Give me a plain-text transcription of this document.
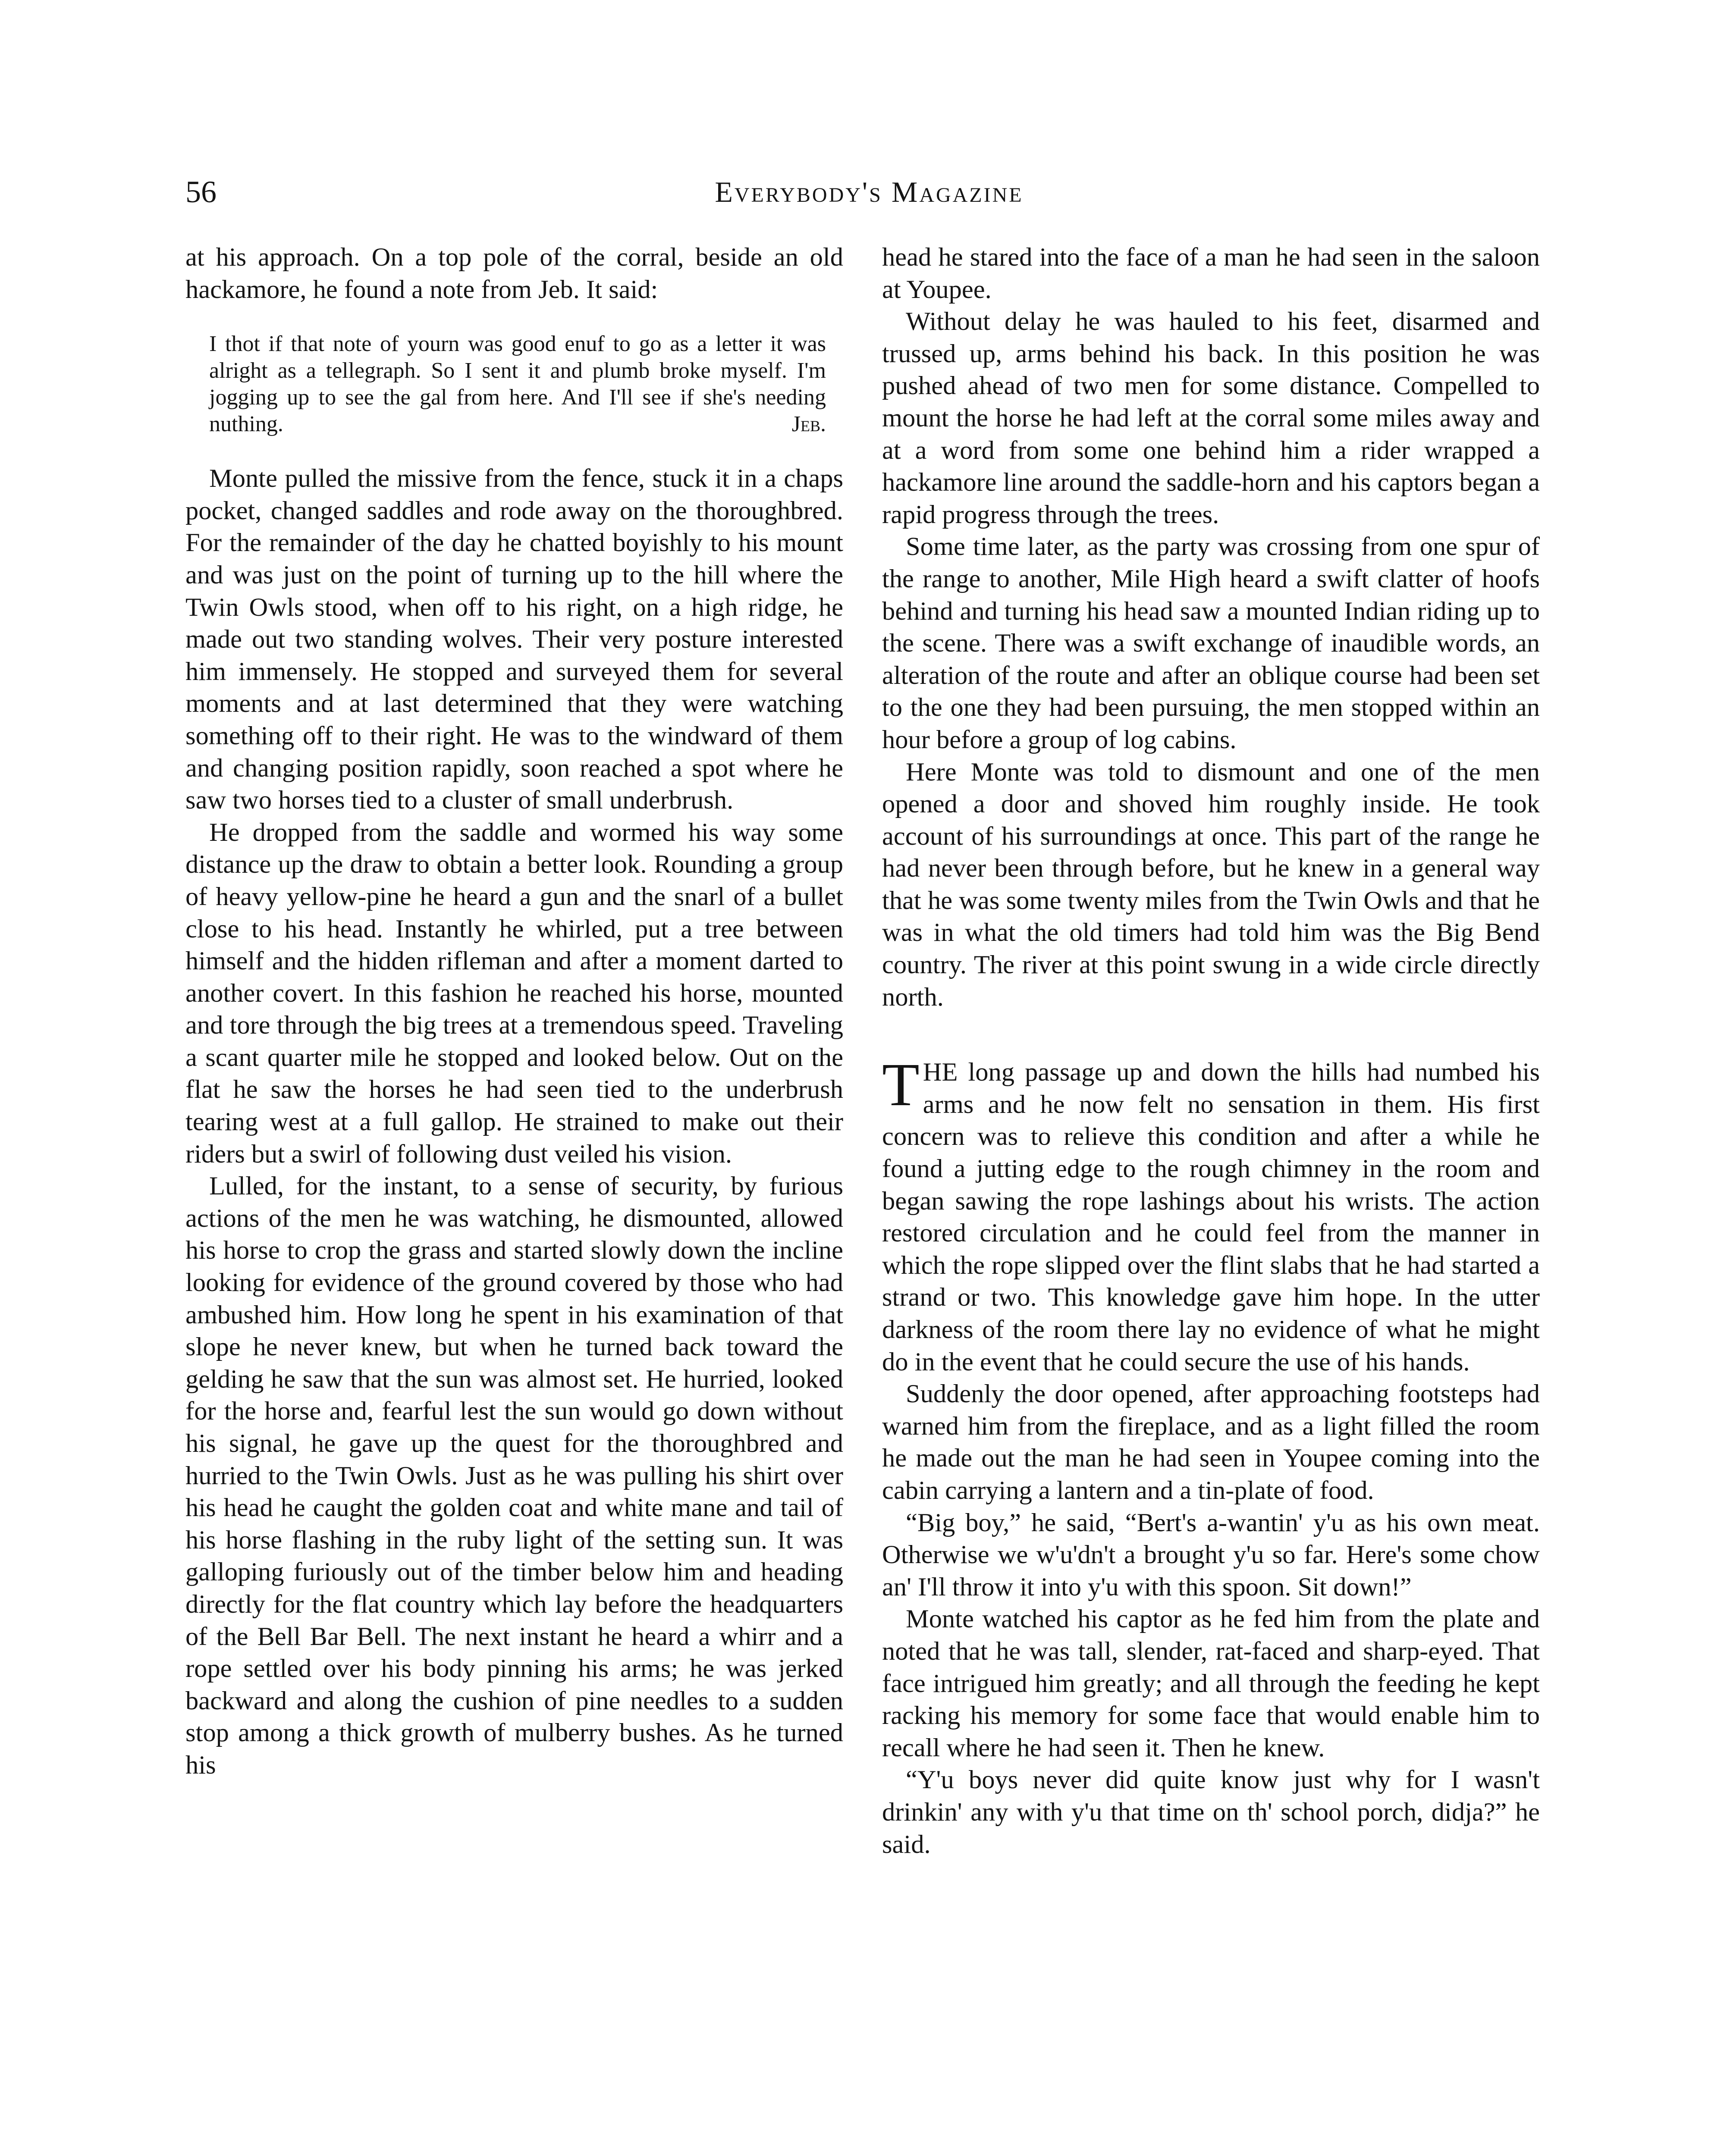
56	Everybody's Magazine

at his approach. On a top pole of the corral, beside an old hackamore, he found a note from Jeb. It said:

I thot if that note of yourn was good enuf to go as a letter it was alright as a tellegraph. So I sent it and plumb broke myself. I'm jogging up to see the gal from here. And I'll see if she's needing nuthing.	Jeb.

Monte pulled the missive from the fence, stuck it in a chaps pocket, changed saddles and rode away on the thoroughbred. For the remainder of the day he chatted boyishly to his mount and was just on the point of turning up to the hill where the Twin Owls stood, when off to his right, on a high ridge, he made out two standing wolves. Their very posture interested him immensely. He stopped and surveyed them for several moments and at last determined that they were watching something off to their right. He was to the windward of them and changing position rapidly, soon reached a spot where he saw two horses tied to a cluster of small underbrush.

He dropped from the saddle and wormed his way some distance up the draw to obtain a better look. Rounding a group of heavy yellow-pine he heard a gun and the snarl of a bullet close to his head. Instantly he whirled, put a tree between himself and the hidden rifleman and after a moment darted to another covert. In this fashion he reached his horse, mounted and tore through the big trees at a tremendous speed. Traveling a scant quarter mile he stopped and looked below. Out on the flat he saw the horses he had seen tied to the underbrush tearing west at a full gallop. He strained to make out their riders but a swirl of following dust veiled his vision.

Lulled, for the instant, to a sense of security, by furious actions of the men he was watching, he dismounted, allowed his horse to crop the grass and started slowly down the incline looking for evidence of the ground covered by those who had ambushed him. How long he spent in his examination of that slope he never knew, but when he turned back toward the gelding he saw that the sun was almost set. He hurried, looked for the horse and, fearful lest the sun would go down without his signal, he gave up the quest for the thoroughbred and hurried to the Twin Owls. Just as he was pulling his shirt over his head he caught the golden coat and white mane and tail of his horse flashing in the ruby light of the setting sun. It was galloping furiously out of the timber below him and heading directly for the flat country which lay before the headquarters of the Bell Bar Bell. The next instant he heard a whirr and a rope settled over his body pinning his arms; he was jerked backward and along the cushion of pine needles to a sudden stop among a thick growth of mulberry bushes. As he turned his

head he stared into the face of a man he had seen in the saloon at Youpee.

Without delay he was hauled to his feet, disarmed and trussed up, arms behind his back. In this position he was pushed ahead of two men for some distance. Compelled to mount the horse he had left at the corral some miles away and at a word from some one behind him a rider wrapped a hackamore line around the saddle-horn and his captors began a rapid progress through the trees.

Some time later, as the party was crossing from one spur of the range to another, Mile High heard a swift clatter of hoofs behind and turning his head saw a mounted Indian riding up to the scene. There was a swift exchange of inaudible words, an alteration of the route and after an oblique course had been set to the one they had been pursuing, the men stopped within an hour before a group of log cabins.

Here Monte was told to dismount and one of the men opened a door and shoved him roughly inside. He took account of his surroundings at once. This part of the range he had never been through before, but he knew in a general way that he was some twenty miles from the Twin Owls and that he was in what the old timers had told him was the Big Bend country. The river at this point swung in a wide circle directly north.

THE long passage up and down the hills had numbed his arms and he now felt no sensation in them. His first concern was to relieve this condition and after a while he found a jutting edge to the rough chimney in the room and began sawing the rope lashings about his wrists. The action restored circulation and he could feel from the manner in which the rope slipped over the flint slabs that he had started a strand or two. This knowledge gave him hope. In the utter darkness of the room there lay no evidence of what he might do in the event that he could secure the use of his hands.

Suddenly the door opened, after approaching footsteps had warned him from the fireplace, and as a light filled the room he made out the man he had seen in Youpee coming into the cabin carrying a lantern and a tin-plate of food.

“Big boy,” he said, “Bert's a-wantin' y'u as his own meat. Otherwise we w'u'dn't a brought y'u so far. Here's some chow an' I'll throw it into y'u with this spoon. Sit down!”

Monte watched his captor as he fed him from the plate and noted that he was tall, slender, rat-faced and sharp-eyed. That face intrigued him greatly; and all through the feeding he kept racking his memory for some face that would enable him to recall where he had seen it. Then he knew.

“Y'u boys never did quite know just why for I wasn't drinkin' any with y'u that time on th' school porch, didja?” he said.
